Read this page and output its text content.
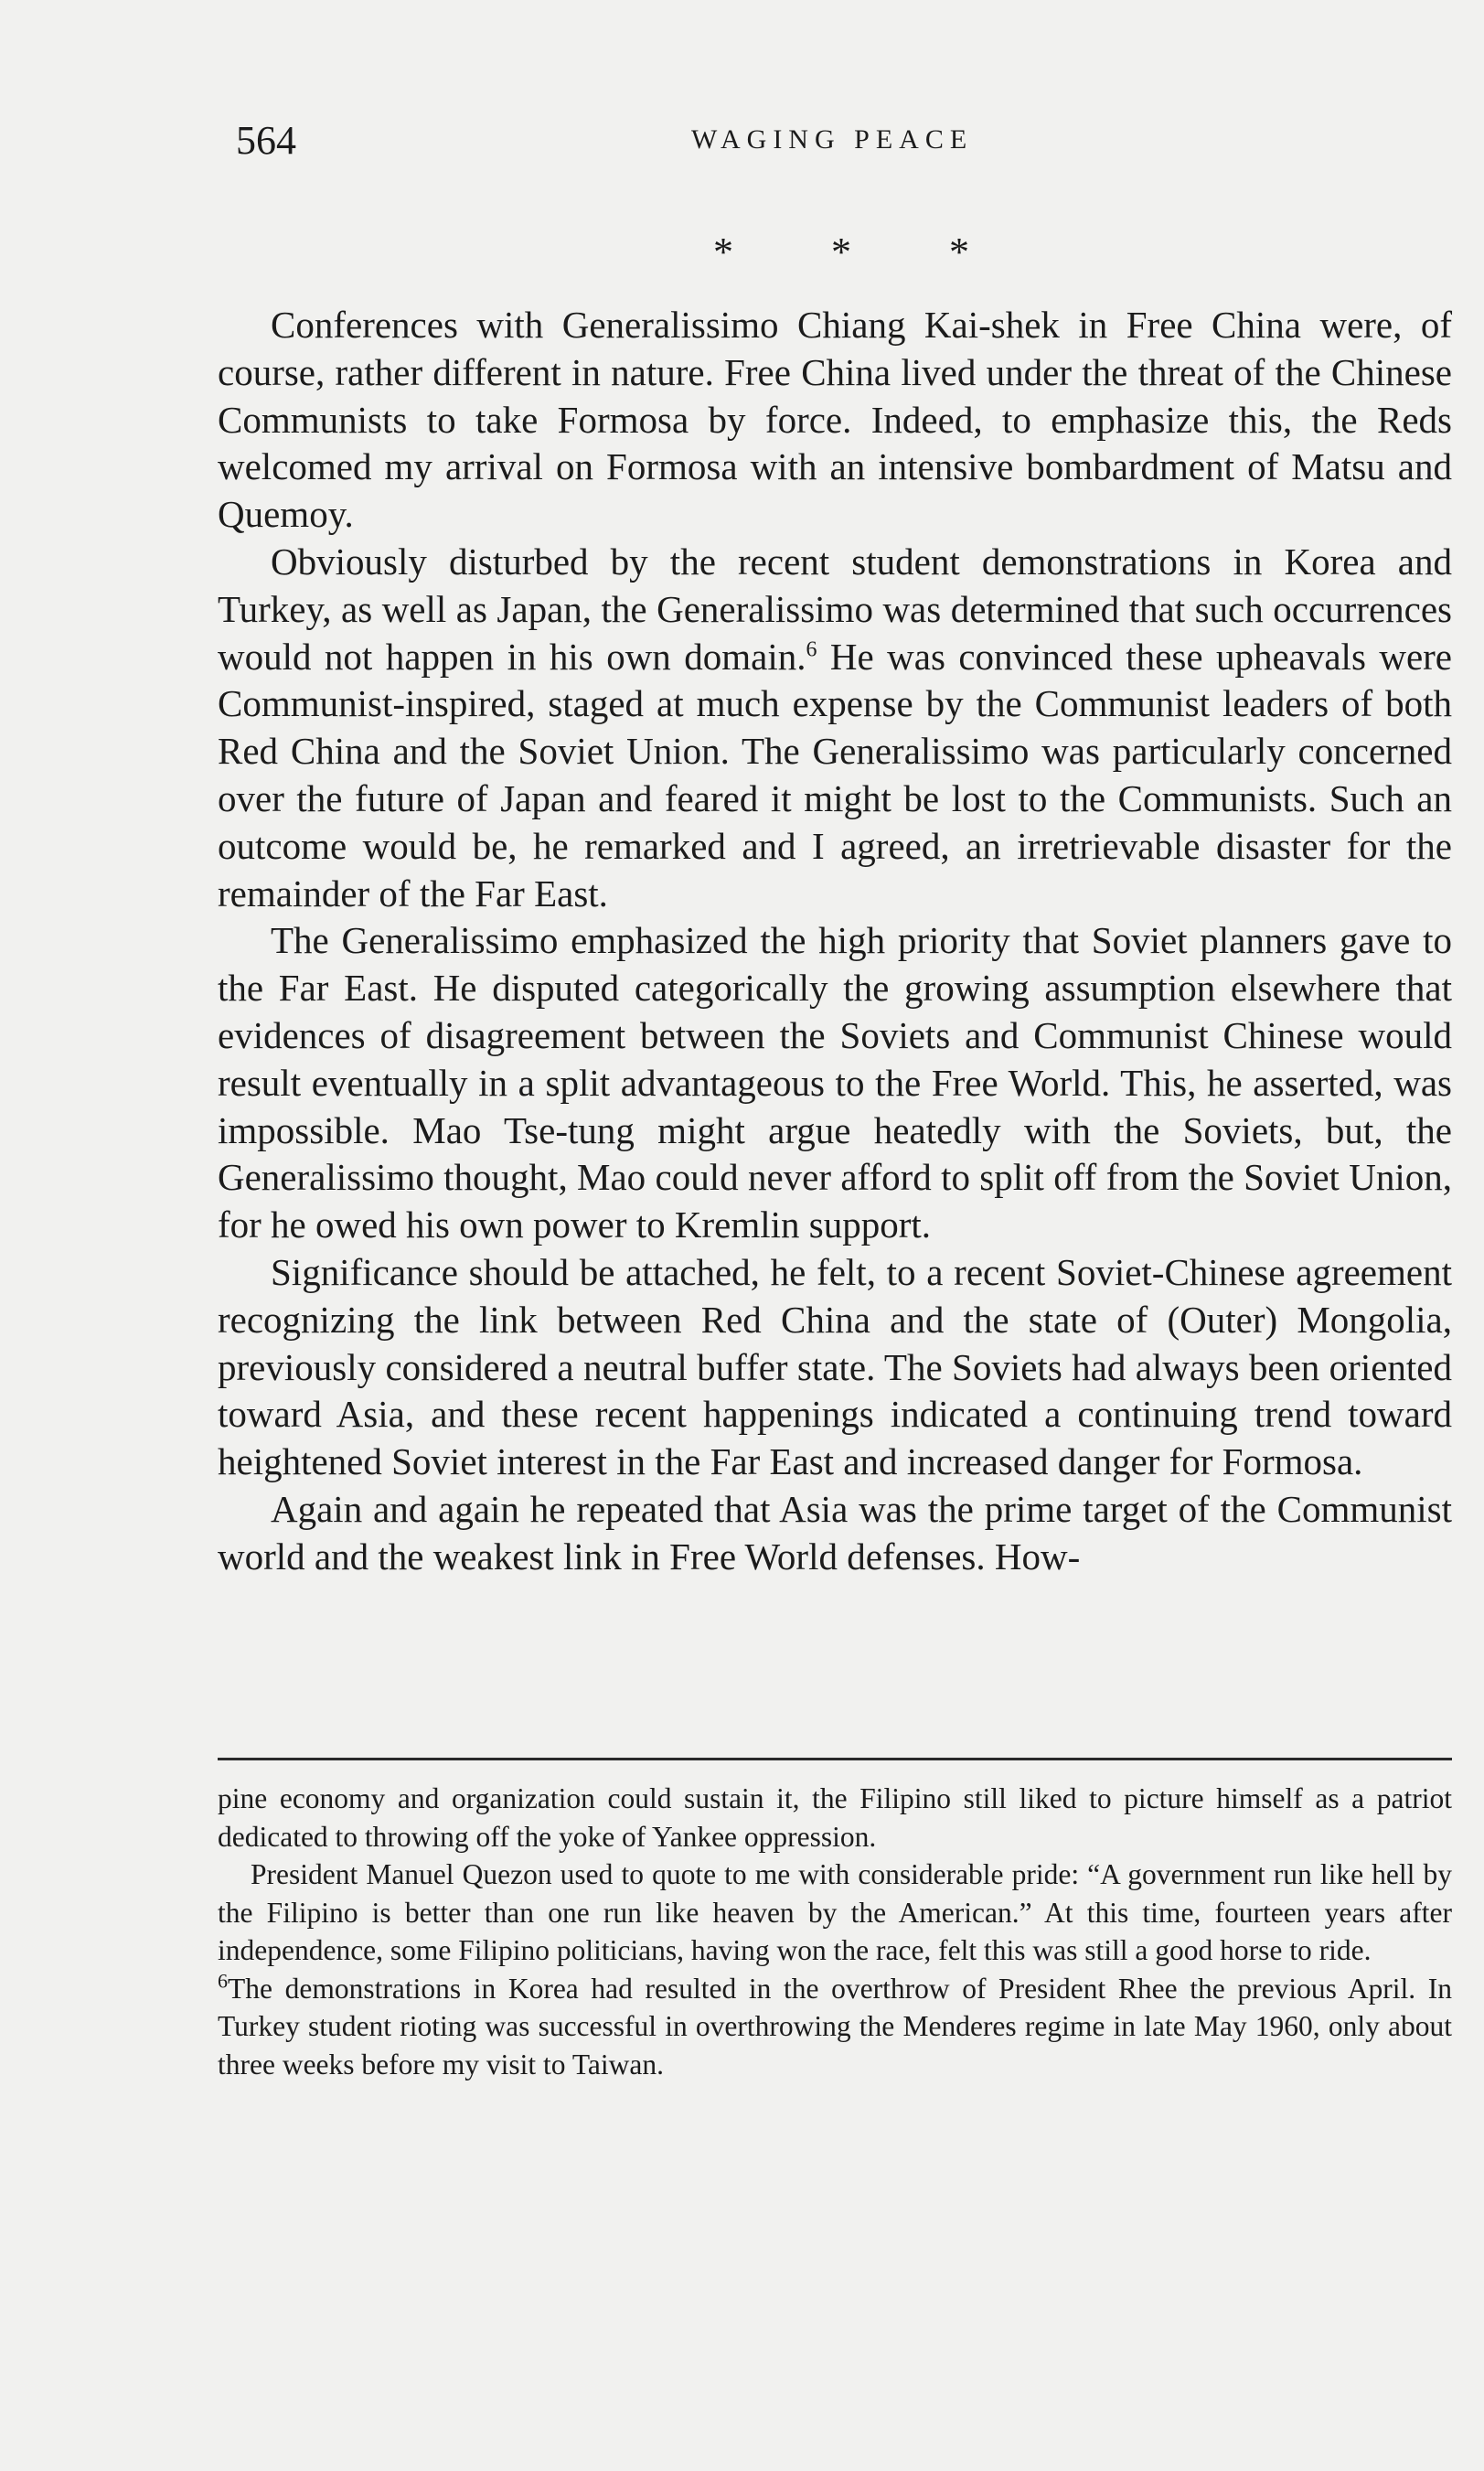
564	WAGING PEACE
* * *

Conferences with Generalissimo Chiang Kai-shek in Free China were, of course, rather different in nature. Free China lived under the threat of the Chinese Communists to take Formosa by force. Indeed, to emphasize this, the Reds welcomed my arrival on Formosa with an intensive bombardment of Matsu and Quemoy.

Obviously disturbed by the recent student demonstrations in Korea and Turkey, as well as Japan, the Generalissimo was determined that such occurrences would not happen in his own domain.$^6$ He was convinced these upheavals were Communist-inspired, staged at much expense by the Communist leaders of both Red China and the Soviet Union. The Generalissimo was particularly concerned over the future of Japan and feared it might be lost to the Communists. Such an outcome would be, he remarked and I agreed, an irretrievable disaster for the remainder of the Far East.

The Generalissimo emphasized the high priority that Soviet planners gave to the Far East. He disputed categorically the growing assumption elsewhere that evidences of disagreement between the Soviets and Communist Chinese would result eventually in a split advantageous to the Free World. This, he asserted, was impossible. Mao Tse-tung might argue heatedly with the Soviets, but, the Generalissimo thought, Mao could never afford to split off from the Soviet Union, for he owed his own power to Kremlin support.

Significance should be attached, he felt, to a recent Soviet-Chinese agreement recognizing the link between Red China and the state of (Outer) Mongolia, previously considered a neutral buffer state. The Soviets had always been oriented toward Asia, and these recent happenings indicated a continuing trend toward heightened Soviet interest in the Far East and increased danger for Formosa.

Again and again he repeated that Asia was the prime target of the Communist world and the weakest link in Free World defenses. How-

pine economy and organization could sustain it, the Filipino still liked to picture himself as a patriot dedicated to throwing off the yoke of Yankee oppression.

President Manuel Quezon used to quote to me with considerable pride: “A government run like hell by the Filipino is better than one run like heaven by the American.” At this time, fourteen years after independence, some Filipino politicians, having won the race, felt this was still a good horse to ride.

$^6$The demonstrations in Korea had resulted in the overthrow of President Rhee the previous April. In Turkey student rioting was successful in overthrowing the Menderes regime in late May 1960, only about three weeks before my visit to Taiwan.
